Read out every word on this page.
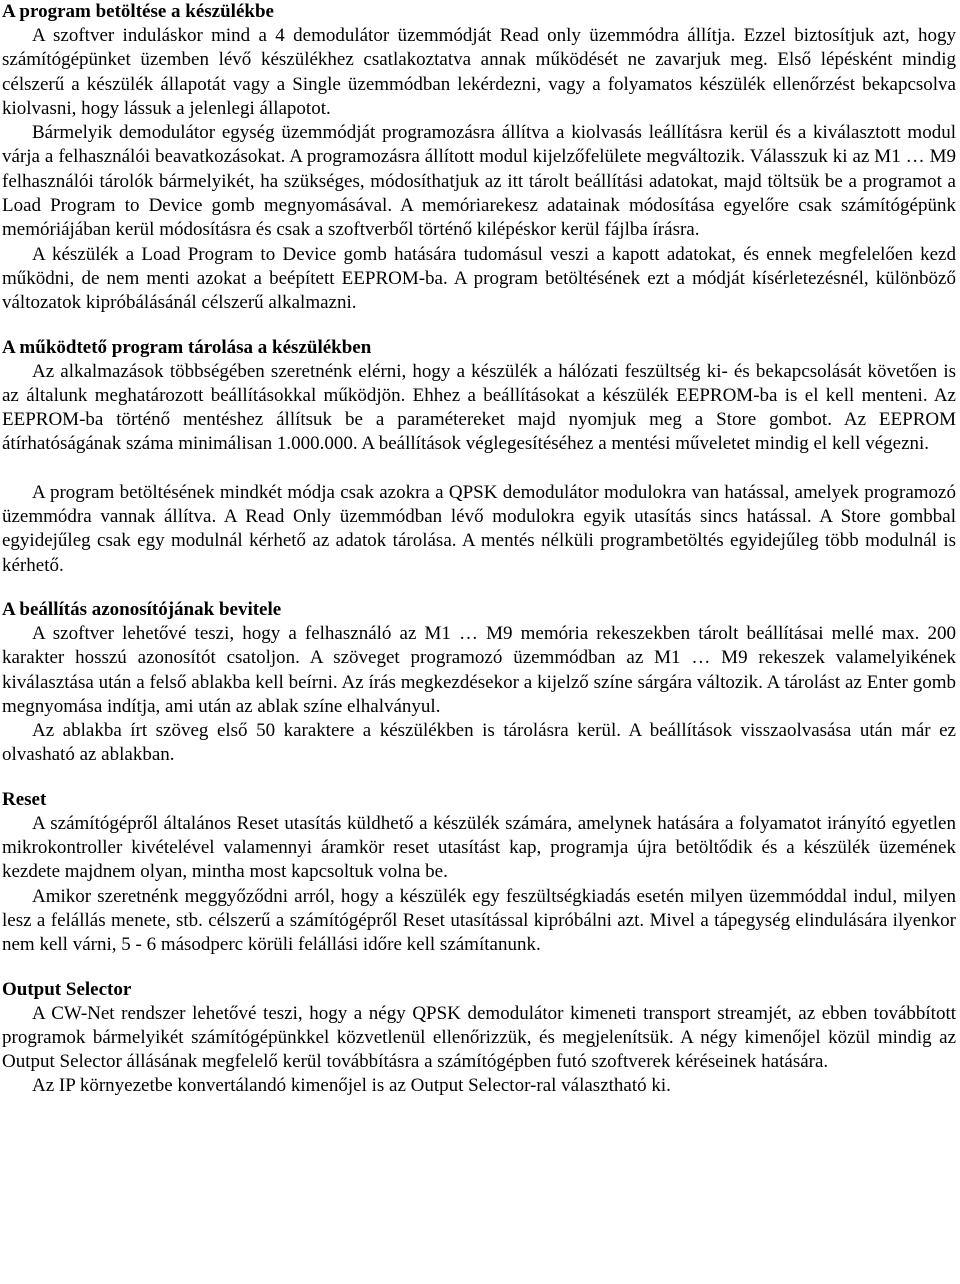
A program betöltése a készülékbe

A szoftver induláskor mind a 4 demodulátor üzemmódját Read only üzemmódra állítja. Ezzel biztosítjuk azt, hogy számítógépünket üzemben lévő készülékhez csatlakoztatva annak működését ne zavarjuk meg. Első lépésként mindig célszerű a készülék állapotát vagy a Single üzemmódban lekérdezni, vagy a folyamatos készülék ellenőrzést bekapcsolva kiolvasni, hogy lássuk a jelenlegi állapotot.

Bármelyik demodulátor egység üzemmódját programozásra állítva a kiolvasás leállításra kerül és a kiválasztott modul várja a felhasználói beavatkozásokat. A programozásra állított modul kijelzőfelülete megváltozik. Válasszuk ki az M1 … M9 felhasználói tárolók bármelyikét, ha szükséges, módosíthatjuk az itt tárolt beállítási adatokat, majd töltsük be a programot a Load Program to Device gomb megnyomásával. A memóriarekesz adatainak módosítása egyelőre csak számítógépünk memóriájában kerül módosításra és csak a szoftverből történő kilépéskor kerül fájlba írásra.

A készülék a Load Program to Device gomb hatására tudomásul veszi a kapott adatokat, és ennek megfelelően kezd működni, de nem menti azokat a beépített EEPROM-ba. A program betöltésének ezt a módját kísérletezésnél, különböző változatok kipróbálásánál célszerű alkalmazni.

A működtető program tárolása a készülékben

Az alkalmazások többségében szeretnénk elérni, hogy a készülék a hálózati feszültség ki- és bekapcsolását követően is az általunk meghatározott beállításokkal működjön. Ehhez a beállításokat a készülék EEPROM-ba is el kell menteni. Az EEPROM-ba történő mentéshez állítsuk be a paramétereket majd nyomjuk meg a Store gombot. Az EEPROM átírhatóságának száma minimálisan 1.000.000. A beállítások véglegesítéséhez a mentési műveletet mindig el kell végezni.

A program betöltésének mindkét módja csak azokra a QPSK demodulátor modulokra van hatással, amelyek programozó üzemmódra vannak állítva. A Read Only üzemmódban lévő modulokra egyik utasítás sincs hatással. A Store gombbal egyidejűleg csak egy modulnál kérhető az adatok tárolása. A mentés nélküli programbetöltés egyidejűleg több modulnál is kérhető.

A beállítás azonosítójának bevitele

A szoftver lehetővé teszi, hogy a felhasználó az M1 … M9 memória rekeszekben tárolt beállításai mellé max. 200 karakter hosszú azonosítót csatoljon. A szöveget programozó üzemmódban az M1 … M9 rekeszek valamelyikének kiválasztása után a felső ablakba kell beírni. Az írás megkezdésekor a kijelző színe sárgára változik. A tárolást az Enter gomb megnyomása indítja, ami után az ablak színe elhalványul.

Az ablakba írt szöveg első 50 karaktere a készülékben is tárolásra kerül. A beállítások visszaolvasása után már ez olvasható az ablakban.

Reset

A számítógépről általános Reset utasítás küldhető a készülék számára, amelynek hatására a folyamatot irányító egyetlen mikrokontroller kivételével valamennyi áramkör reset utasítást kap, programja újra betöltődik és a készülék üzemének kezdete majdnem olyan, mintha most kapcsoltuk volna be.

Amikor szeretnénk meggyőződni arról, hogy a készülék egy feszültségkiadás esetén milyen üzemmóddal indul, milyen lesz a felállás menete, stb. célszerű a számítógépről Reset utasítással kipróbálni azt. Mivel a tápegység elindulására ilyenkor nem kell várni, 5 - 6 másodperc körüli felállási időre kell számítanunk.

Output Selector

A CW-Net rendszer lehetővé teszi, hogy a négy QPSK demodulátor kimeneti transport streamjét, az ebben továbbított programok bármelyikét számítógépünkkel közvetlenül ellenőrizzük, és megjelenítsük. A négy kimenőjel közül mindig az Output Selector állásának megfelelő kerül továbbításra a számítógépben futó szoftverek kéréseinek hatására.

Az IP környezetbe konvertálandó kimenőjel is az Output Selector-ral választható ki.
